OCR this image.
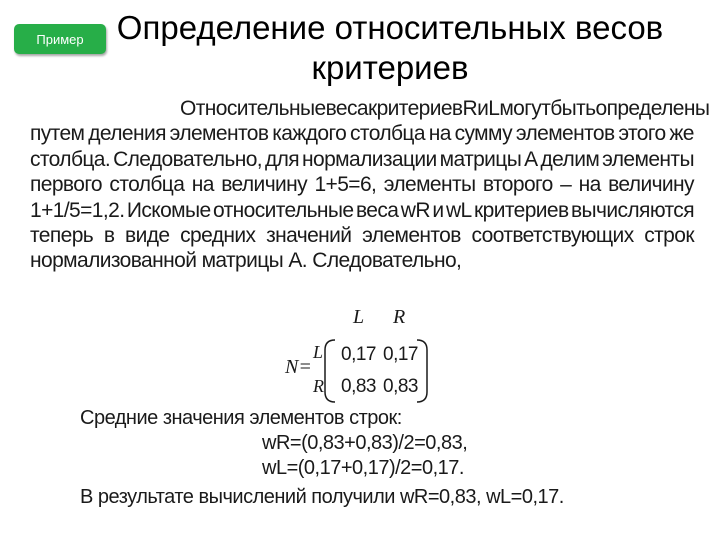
Пример	Определение относительных весов
критериев
Относительные веса критериев R и L могут быть определены
путем деления элементов каждого столбца на сумму элементов этого же
столбца. Следовательно, для нормализации матрицы A делим элементы
первого столбца на величину 1+5=6, элементы второго – на величину
1+1/5=1,2. Искомые относительные веса wR и wL критериев вычисляются
теперь в виде средних значений элементов соответствующих строк
нормализованной матрицы A. Следовательно,
L R
N=
L
R
0,17 0,17
0,83 0,83
Средние значения элементов строк:
wR=(0,83+0,83)/2=0,83,
wL=(0,17+0,17)/2=0,17.
В результате вычислений получили wR=0,83, wL=0,17.
